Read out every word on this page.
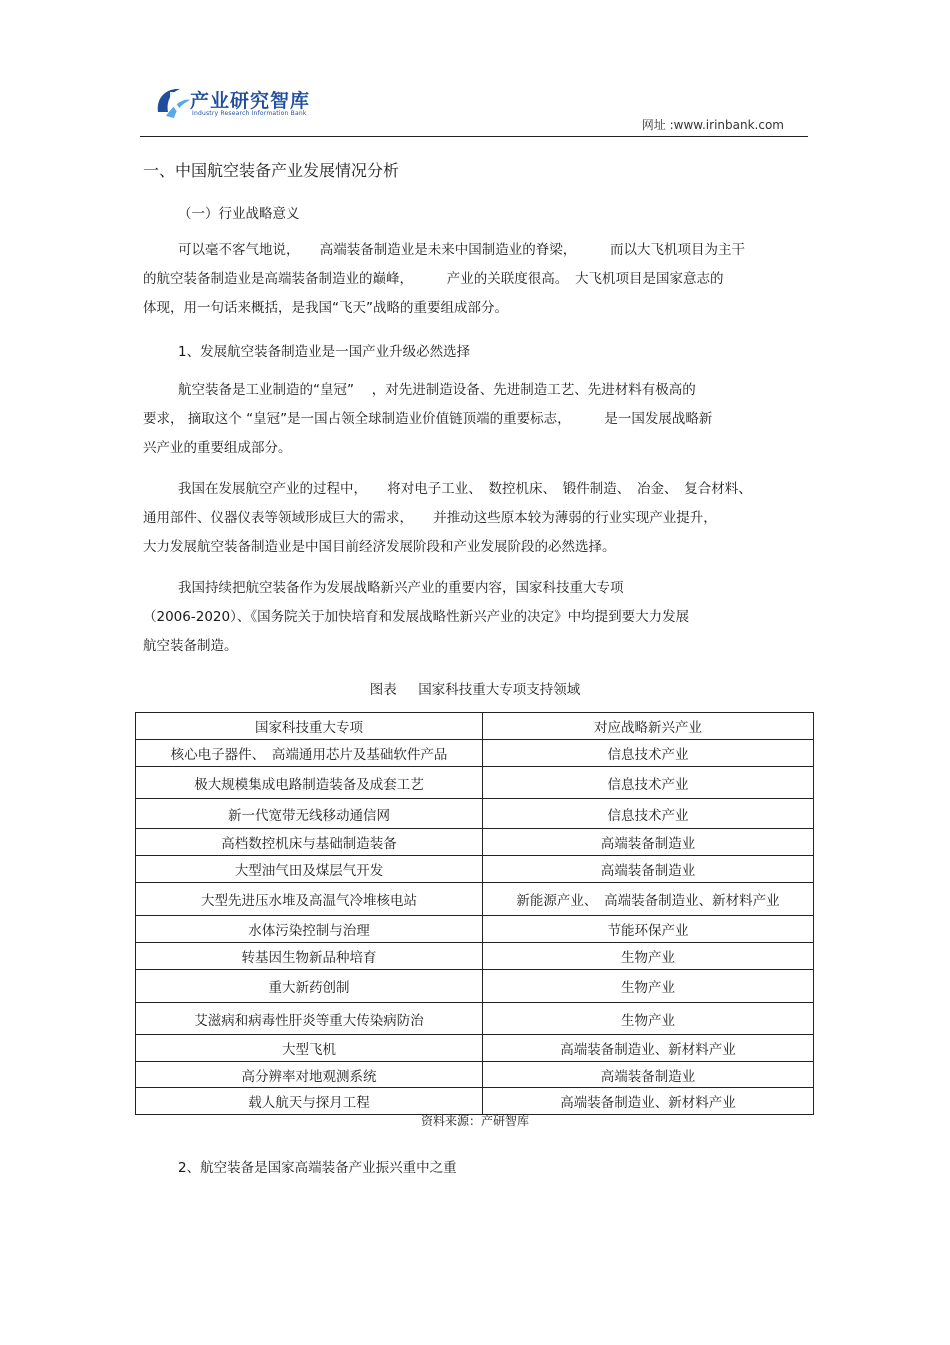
产业研究智库
Industry Research Information Bank
网址 :www.irinbank.com
一、中国航空装备产业发展情况分析
（一）行业战略意义
可以毫不客气地说，　　高端装备制造业是未来中国制造业的脊梁，　　　而以大飞机项目为主干
的航空装备制造业是高端装备制造业的巅峰，　　　产业的关联度很高。　大飞机项目是国家意志的
体现，用一句话来概括，是我国“飞天”战略的重要组成部分。
1、发展航空装备制造业是一国产业升级必然选择
航空装备是工业制造的“皇冠”　 ，对先进制造设备、先进制造工艺、先进材料有极高的
要求， 摘取这个 “皇冠”是一国占领全球制造业价值链顶端的重要标志，　　　是一国发展战略新
兴产业的重要组成部分。
我国在发展航空产业的过程中，　　将对电子工业、　数控机床、　锻件制造、　冶金、　复合材料、
通用部件、仪器仪表等领域形成巨大的需求，　　并推动这些原本较为薄弱的行业实现产业提升，
大力发展航空装备制造业是中国目前经济发展阶段和产业发展阶段的必然选择。
我国持续把航空装备作为发展战略新兴产业的重要内容，国家科技重大专项
（2006-2020）、《国务院关于加快培育和发展战略性新兴产业的决定》中均提到要大力发展
航空装备制造。
图表 国家科技重大专项支持领域
国家科技重大专项	对应战略新兴产业
核心电子器件、　高端通用芯片及基础软件产品	信息技术产业
极大规模集成电路制造装备及成套工艺	信息技术产业
新一代宽带无线移动通信网	信息技术产业
高档数控机床与基础制造装备	高端装备制造业
大型油气田及煤层气开发	高端装备制造业
大型先进压水堆及高温气冷堆核电站	新能源产业、　高端装备制造业、新材料产业
水体污染控制与治理	节能环保产业
转基因生物新品种培育	生物产业
重大新药创制	生物产业
艾滋病和病毒性肝炎等重大传染病防治	生物产业
大型飞机	高端装备制造业、新材料产业
高分辨率对地观测系统	高端装备制造业
载人航天与探月工程	高端装备制造业、新材料产业
资料来源：产研智库
2、航空装备是国家高端装备产业振兴重中之重
